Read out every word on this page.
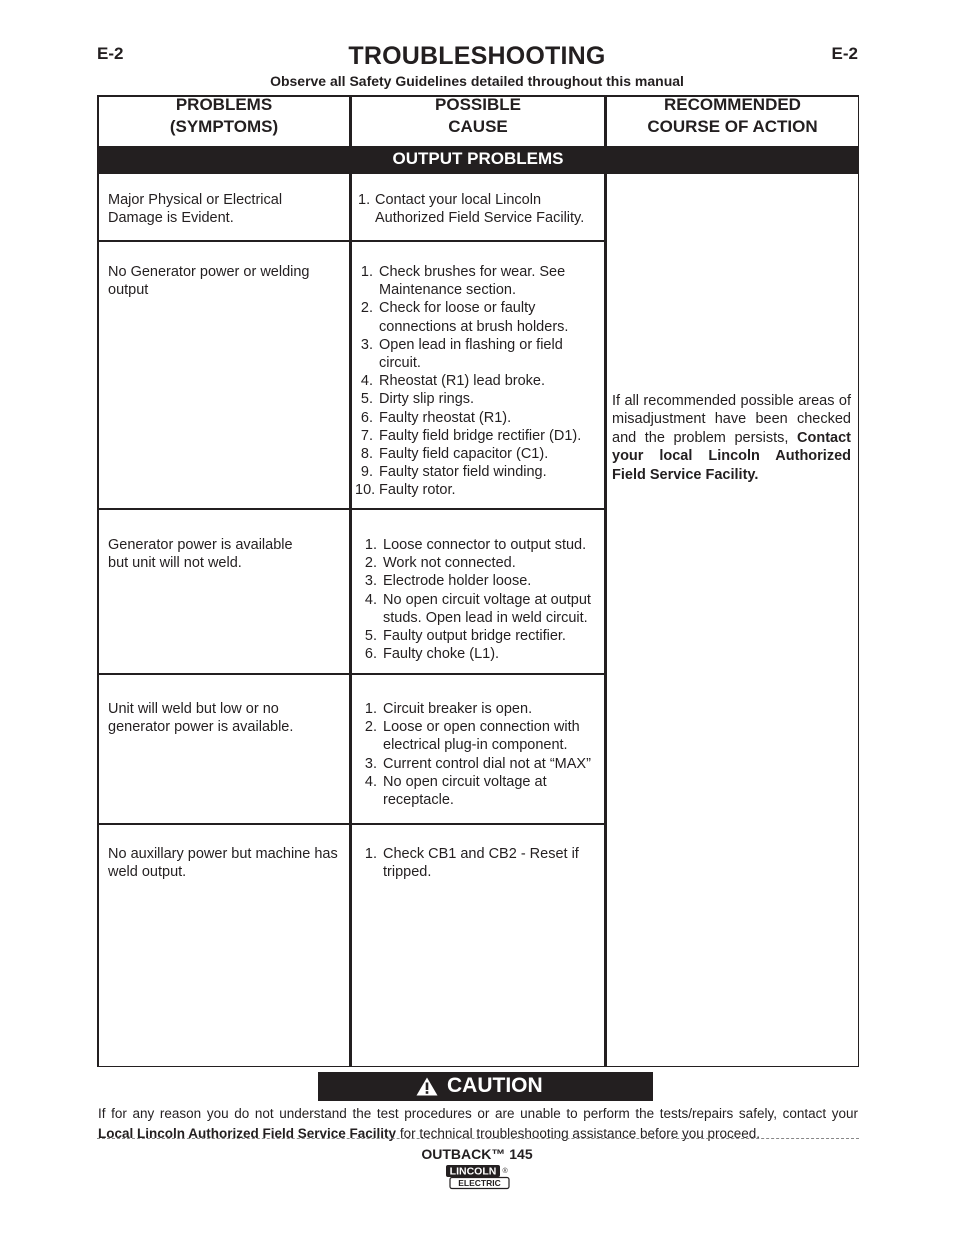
E-2	E-2
TROUBLESHOOTING
Observe all Safety Guidelines detailed throughout this manual
PROBLEMS
(SYMPTOMS)
POSSIBLE
CAUSE
RECOMMENDED
COURSE OF ACTION
OUTPUT PROBLEMS
Major Physical or Electrical
Damage is Evident.
1. Contact your local Lincoln
Authorized Field Service Facility.
No Generator power or welding
output
1. Check brushes for wear. See
Maintenance section.
2. Check for loose or faulty
connections at brush holders.
3. Open lead in flashing or field
circuit.
4. Rheostat (R1) lead broke.
5. Dirty slip rings.
6. Faulty rheostat (R1).
7. Faulty field bridge rectifier (D1).
8. Faulty field capacitor (C1).
9. Faulty stator field winding.
10. Faulty rotor.
Generator power is available
but unit will not weld.
1. Loose connector to output stud.
2. Work not connected.
3. Electrode holder loose.
4. No open circuit voltage at output
studs. Open lead in weld circuit.
5. Faulty output bridge rectifier.
6. Faulty choke (L1).
Unit will weld but low or no
generator power is available.
1. Circuit breaker is open.
2. Loose or open connection with
electrical plug-in component.
3. Current control dial not at “MAX”
4. No open circuit voltage at
receptacle.
No auxillary power but machine has
weld output.
1. Check CB1 and CB2 - Reset if
tripped.
If all recommended possible areas of misadjustment have been checked and the problem persists, Contact your local Lincoln Authorized Field Service Facility.
CAUTION
If for any reason you do not understand the test procedures or are unable to perform the tests/repairs safely, contact your Local Lincoln Authorized Field Service Facility for technical troubleshooting assistance before you proceed.
OUTBACK™ 145
LINCOLN
ELECTRIC
®
